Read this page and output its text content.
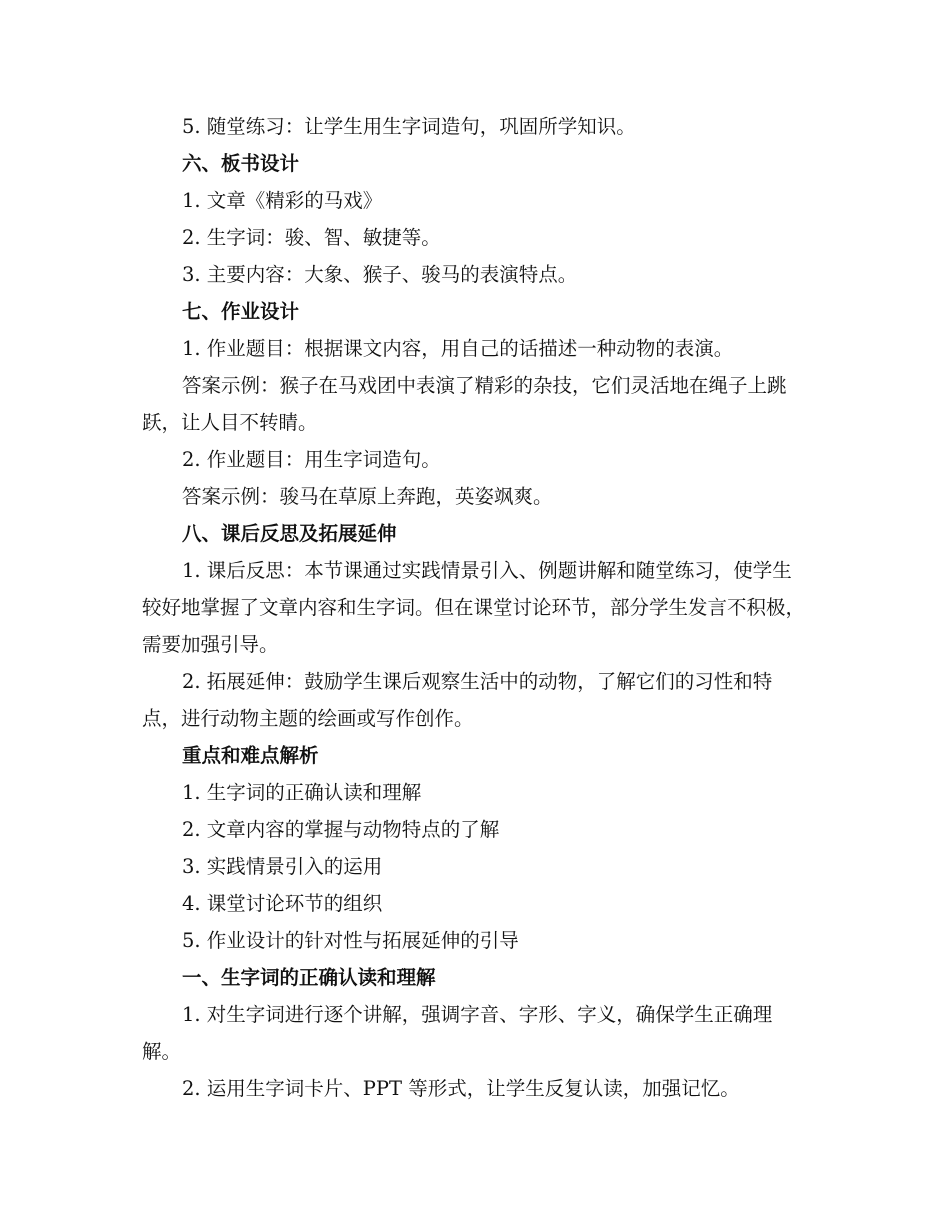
5. 随堂练习：让学生用生字词造句，巩固所学知识。

六、板书设计

1. 文章《精彩的马戏》

2. 生字词：骏、智、敏捷等。

3. 主要内容：大象、猴子、骏马的表演特点。

七、作业设计

1. 作业题目：根据课文内容，用自己的话描述一种动物的表演。

答案示例：猴子在马戏团中表演了精彩的杂技，它们灵活地在绳子上跳跃，让人目不转睛。

2. 作业题目：用生字词造句。

答案示例：骏马在草原上奔跑，英姿飒爽。

八、课后反思及拓展延伸

1. 课后反思：本节课通过实践情景引入、例题讲解和随堂练习，使学生较好地掌握了文章内容和生字词。但在课堂讨论环节，部分学生发言不积极，需要加强引导。

2. 拓展延伸：鼓励学生课后观察生活中的动物，了解它们的习性和特点，进行动物主题的绘画或写作创作。

重点和难点解析

1. 生字词的正确认读和理解

2. 文章内容的掌握与动物特点的了解

3. 实践情景引入的运用

4. 课堂讨论环节的组织

5. 作业设计的针对性与拓展延伸的引导

一、生字词的正确认读和理解

1. 对生字词进行逐个讲解，强调字音、字形、字义，确保学生正确理解。

2. 运用生字词卡片、PPT 等形式，让学生反复认读，加强记忆。
